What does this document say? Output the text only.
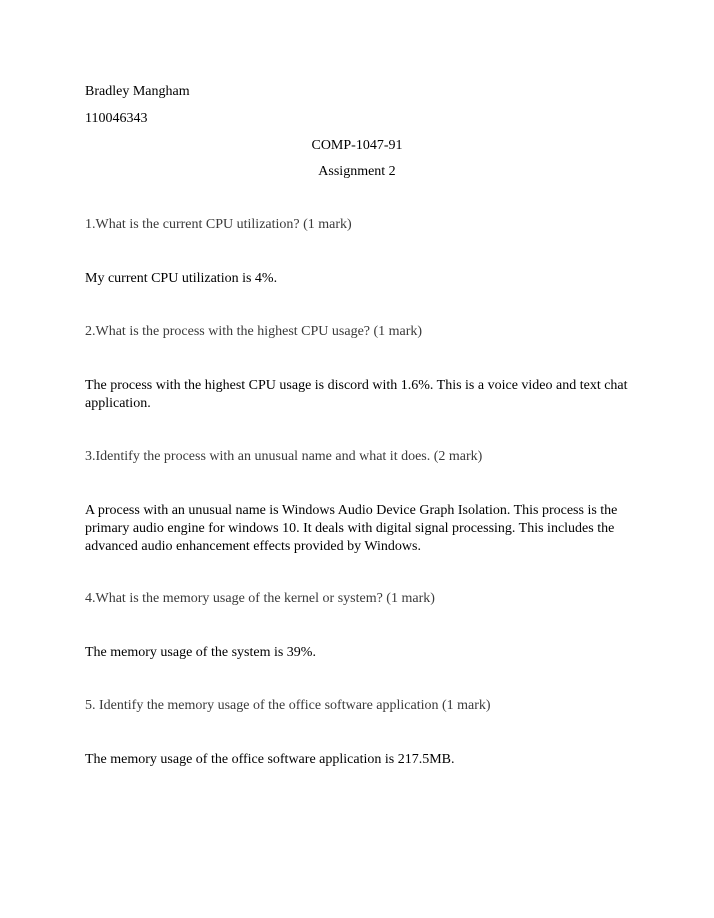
Bradley Mangham

110046343

COMP-1047-91

Assignment 2

1.What is the current CPU utilization? (1 mark)

My current CPU utilization is 4%.

2.What is the process with the highest CPU usage? (1 mark)

The process with the highest CPU usage is discord with 1.6%. This is a voice video and text chat application.

3.Identify the process with an unusual name and what it does. (2 mark)

A process with an unusual name is Windows Audio Device Graph Isolation. This process is the primary audio engine for windows 10. It deals with digital signal processing. This includes the advanced audio enhancement effects provided by Windows.

4.What is the memory usage of the kernel or system? (1 mark)

The memory usage of the system is 39%.

5. Identify the memory usage of the office software application (1 mark)

The memory usage of the office software application is 217.5MB.
